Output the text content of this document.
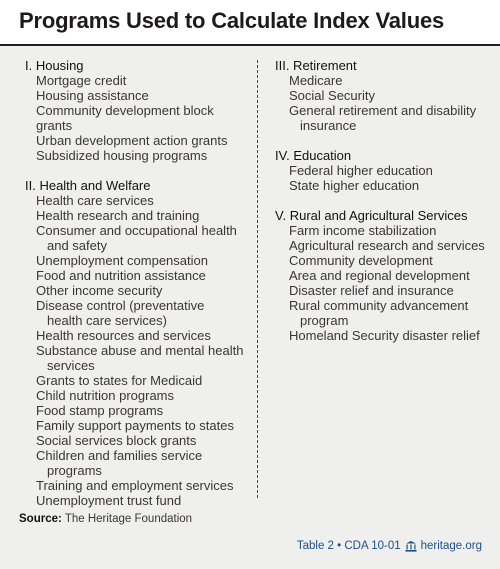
Programs Used to Calculate Index Values
I. Housing
Mortgage credit
Housing assistance
Community development block grants
Urban development action grants
Subsidized housing programs
II. Health and Welfare
Health care services
Health research and training
Consumer and occupational health
and safety
Unemployment compensation
Food and nutrition assistance
Other income security
Disease control (preventative
health care services)
Health resources and services
Substance abuse and mental health
services
Grants to states for Medicaid
Child nutrition programs
Food stamp programs
Family support payments to states
Social services block grants
Children and families service
programs
Training and employment services
Unemployment trust fund
III. Retirement
Medicare
Social Security
General retirement and disability
insurance
IV. Education
Federal higher education
State higher education
V. Rural and Agricultural Services
Farm income stabilization
Agricultural research and services
Community development
Area and regional development
Disaster relief and insurance
Rural community advancement
program
Homeland Security disaster relief
Source: The Heritage Foundation
Table 2 • CDA 10-01 heritage.org
